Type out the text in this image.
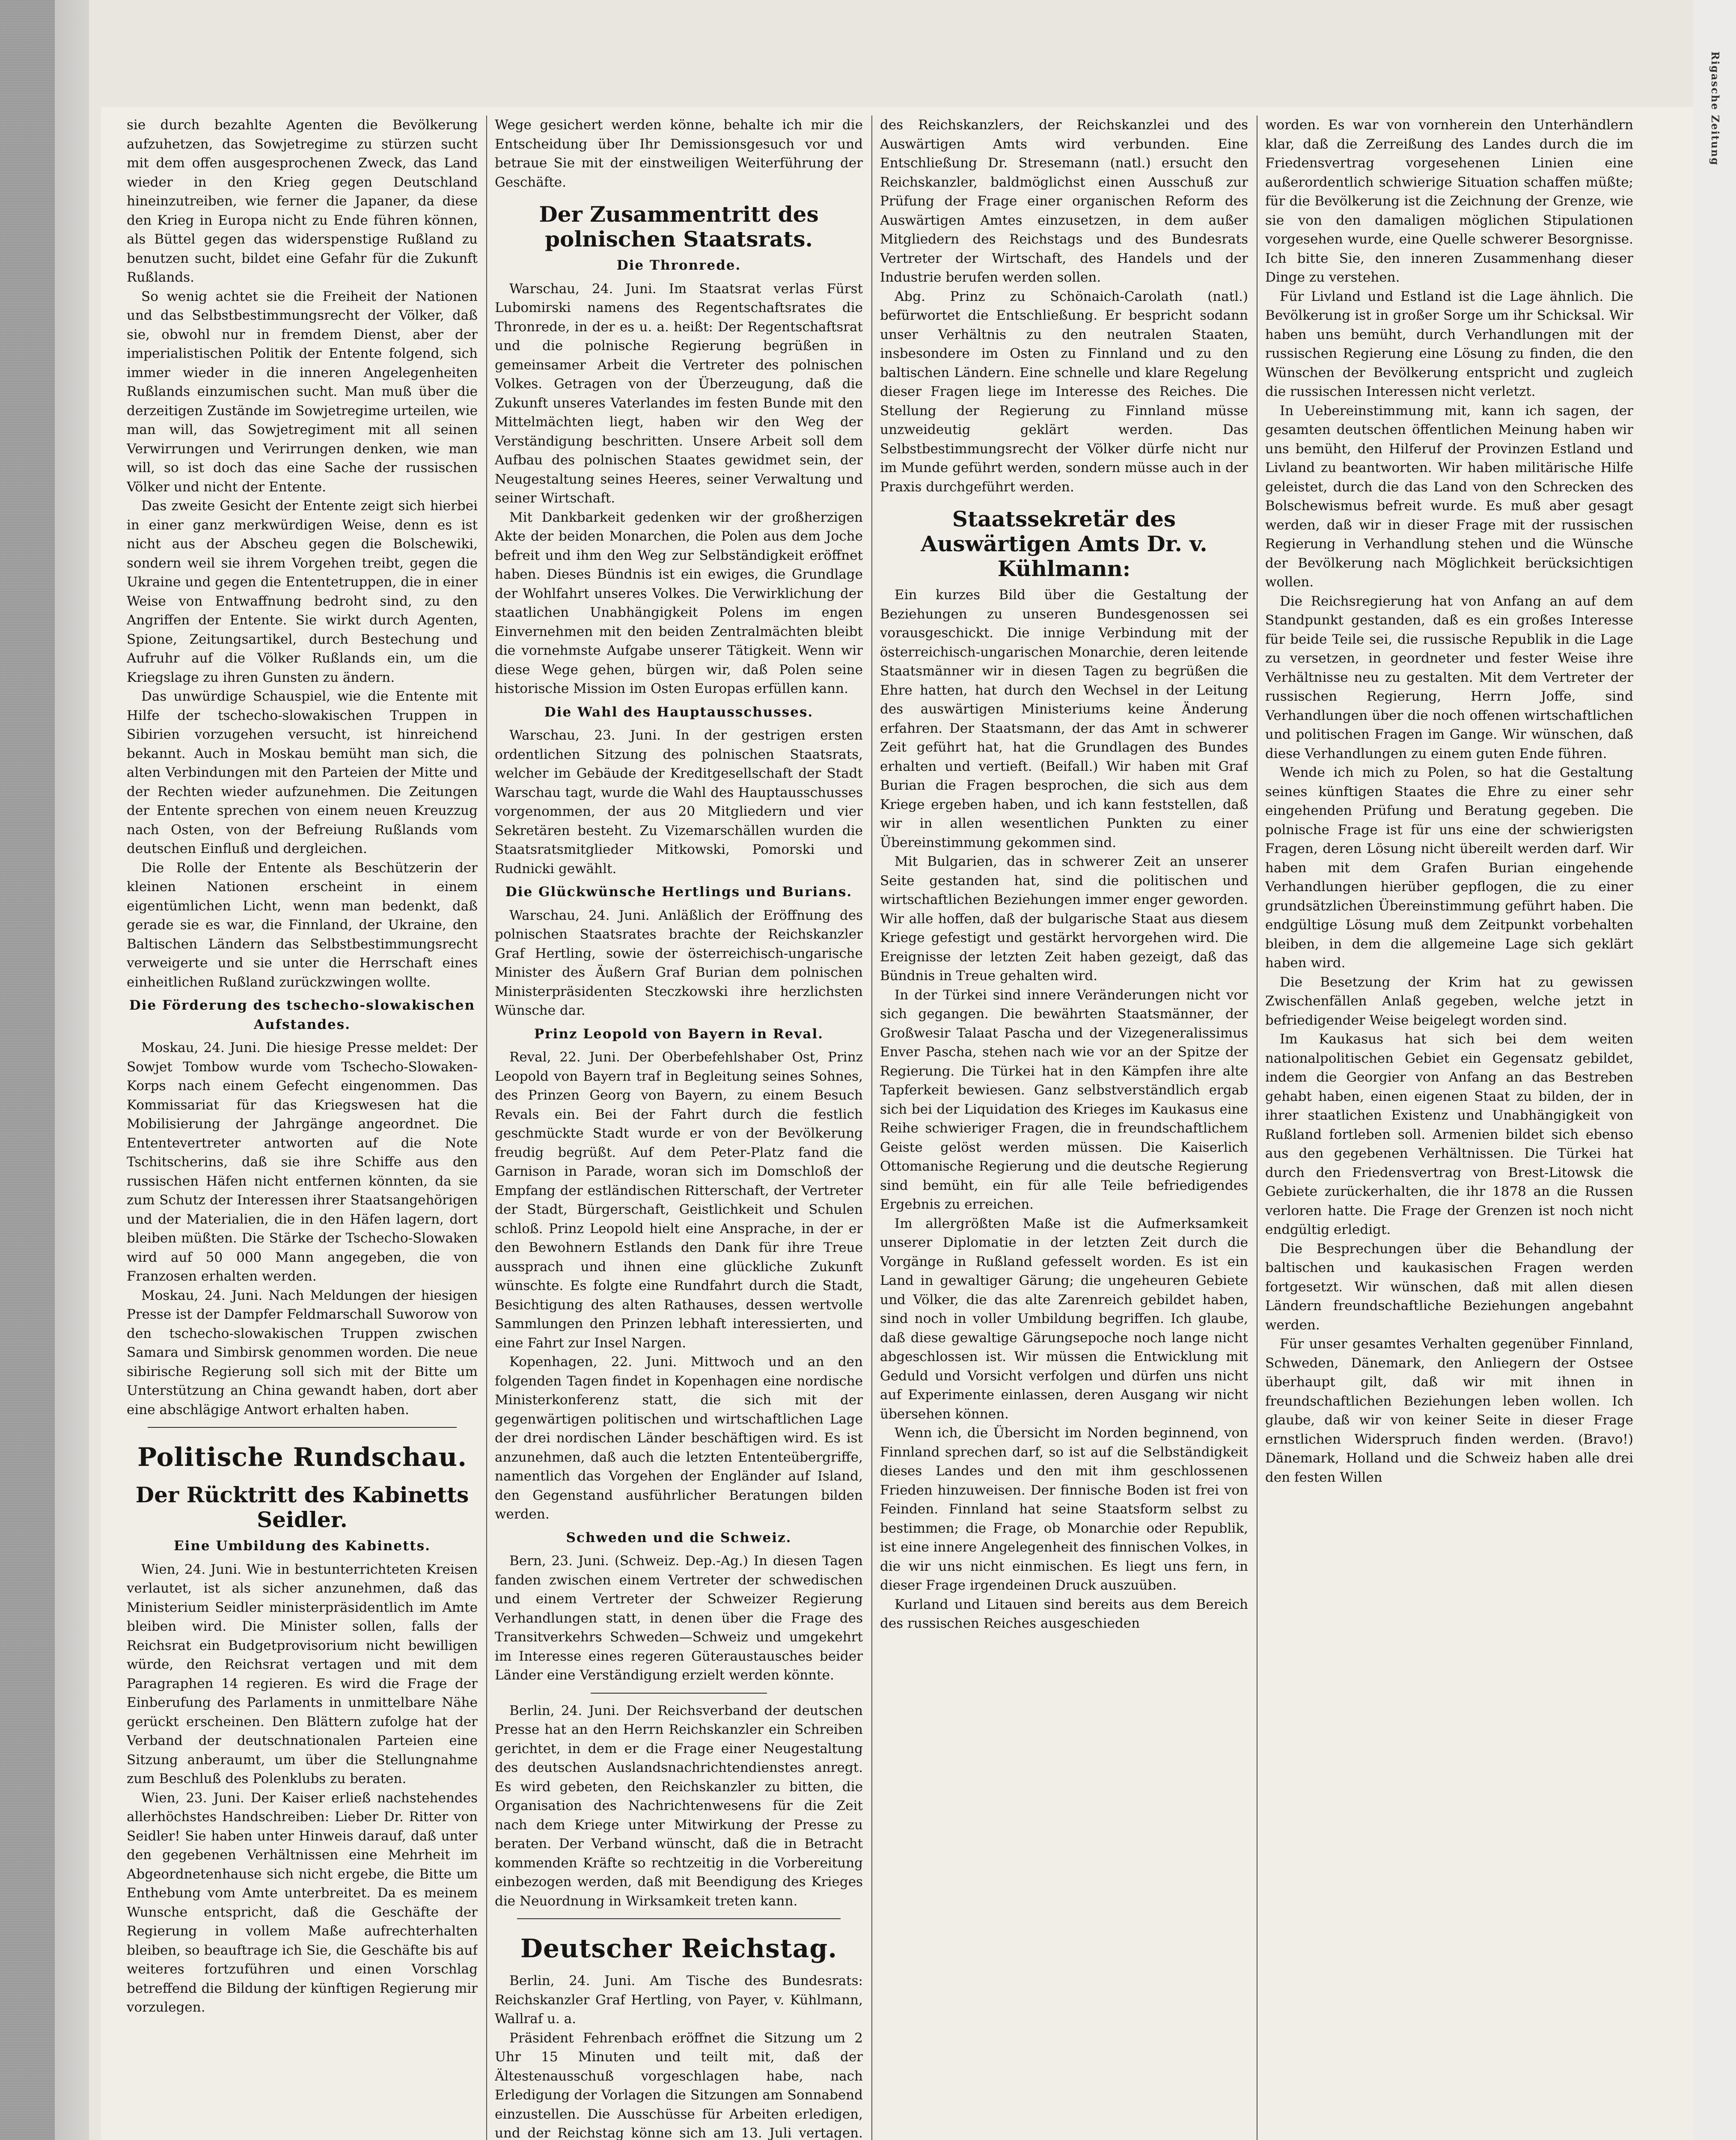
Rigasche Zeitung

sie durch bezahlte Agenten die Bevölkerung aufzuhetzen, das Sowjetregime zu stürzen sucht mit dem offen ausgesprochenen Zweck, das Land wieder in den Krieg gegen Deutschland hineinzutreiben, wie ferner die Japaner, da diese den Krieg in Europa nicht zu Ende führen können, als Büttel gegen das widerspenstige Rußland zu benutzen sucht, bildet eine Gefahr für die Zukunft Rußlands.

So wenig achtet sie die Freiheit der Nationen und das Selbstbestimmungsrecht der Völker, daß sie, obwohl nur in fremdem Dienst, aber der imperialistischen Politik der Entente folgend, sich immer wieder in die inneren Angelegenheiten Rußlands einzumischen sucht. Man muß über die derzeitigen Zustände im Sowjetregime urteilen, wie man will, das Sowjetregiment mit all seinen Verwirrungen und Verirrungen denken, wie man will, so ist doch das eine Sache der russischen Völker und nicht der Entente.

Das zweite Gesicht der Entente zeigt sich hierbei in einer ganz merkwürdigen Weise, denn es ist nicht aus der Abscheu gegen die Bolschewiki, sondern weil sie ihrem Vorgehen treibt, gegen die Ukraine und gegen die Ententetruppen, die in einer Weise von Entwaffnung bedroht sind, zu den Angriffen der Entente. Sie wirkt durch Agenten, Spione, Zeitungsartikel, durch Bestechung und Aufruhr auf die Völker Rußlands ein, um die Kriegslage zu ihren Gunsten zu ändern.

Das unwürdige Schauspiel, wie die Entente mit Hilfe der tschecho-slowakischen Truppen in Sibirien vorzugehen versucht, ist hinreichend bekannt. Auch in Moskau bemüht man sich, die alten Verbindungen mit den Parteien der Mitte und der Rechten wieder aufzunehmen. Die Zeitungen der Entente sprechen von einem neuen Kreuzzug nach Osten, von der Befreiung Rußlands vom deutschen Einfluß und dergleichen.

Die Rolle der Entente als Beschützerin der kleinen Nationen erscheint in einem eigentümlichen Licht, wenn man bedenkt, daß gerade sie es war, die Finnland, der Ukraine, den Baltischen Ländern das Selbstbestimmungsrecht verweigerte und sie unter die Herrschaft eines einheitlichen Rußland zurückzwingen wollte.

Die Förderung des tschecho-slowakischen Aufstandes.

Moskau, 24. Juni. Die hiesige Presse meldet: Der Sowjet Tombow wurde vom Tschecho-Slowaken-Korps nach einem Gefecht eingenommen. Das Kommissariat für das Kriegswesen hat die Mobilisierung der Jahrgänge angeordnet. Die Ententevertreter antworten auf die Note Tschitscherins, daß sie ihre Schiffe aus den russischen Häfen nicht entfernen könnten, da sie zum Schutz der Interessen ihrer Staatsangehörigen und der Materialien, die in den Häfen lagern, dort bleiben müßten. Die Stärke der Tschecho-Slowaken wird auf 50 000 Mann angegeben, die von Franzosen erhalten werden.

Moskau, 24. Juni. Nach Meldungen der hiesigen Presse ist der Dampfer Feldmarschall Suworow von den tschecho-slowakischen Truppen zwischen Samara und Simbirsk genommen worden. Die neue sibirische Regierung soll sich mit der Bitte um Unterstützung an China gewandt haben, dort aber eine abschlägige Antwort erhalten haben.

Politische Rundschau.
Der Rücktritt des Kabinetts Seidler.
Eine Umbildung des Kabinetts.

Wien, 24. Juni. Wie in bestunterrichteten Kreisen verlautet, ist als sicher anzunehmen, daß das Ministerium Seidler ministerpräsidentlich im Amte bleiben wird. Die Minister sollen, falls der Reichsrat ein Budgetprovisorium nicht bewilligen würde, den Reichsrat vertagen und mit dem Paragraphen 14 regieren. Es wird die Frage der Einberufung des Parlaments in unmittelbare Nähe gerückt erscheinen. Den Blättern zufolge hat der Verband der deutschnationalen Parteien eine Sitzung anberaumt, um über die Stellungnahme zum Beschluß des Polenklubs zu beraten.

Wien, 23. Juni. Der Kaiser erließ nachstehendes allerhöchstes Handschreiben: Lieber Dr. Ritter von Seidler! Sie haben unter Hinweis darauf, daß unter den gegebenen Verhältnissen eine Mehrheit im Abgeordnetenhause sich nicht ergebe, die Bitte um Enthebung vom Amte unterbreitet. Da es meinem Wunsche entspricht, daß die Geschäfte der Regierung in vollem Maße aufrechterhalten bleiben, so beauftrage ich Sie, die Geschäfte bis auf weiteres fortzuführen und einen Vorschlag betreffend die Bildung der künftigen Regierung mir vorzulegen.

Wege gesichert werden könne, behalte ich mir die Entscheidung über Ihr Demissionsgesuch vor und betraue Sie mit der einstweiligen Weiterführung der Geschäfte.

Der Zusammentritt des polnischen Staatsrats.
Die Thronrede.

Warschau, 24. Juni. Im Staatsrat verlas Fürst Lubomirski namens des Regentschaftsrates die Thronrede, in der es u. a. heißt: Der Regentschaftsrat und die polnische Regierung begrüßen in gemeinsamer Arbeit die Vertreter des polnischen Volkes. Getragen von der Überzeugung, daß die Zukunft unseres Vaterlandes im festen Bunde mit den Mittelmächten liegt, haben wir den Weg der Verständigung beschritten. Unsere Arbeit soll dem Aufbau des polnischen Staates gewidmet sein, der Neugestaltung seines Heeres, seiner Verwaltung und seiner Wirtschaft.

Mit Dankbarkeit gedenken wir der großherzigen Akte der beiden Monarchen, die Polen aus dem Joche befreit und ihm den Weg zur Selbständigkeit eröffnet haben. Dieses Bündnis ist ein ewiges, die Grundlage der Wohlfahrt unseres Volkes. Die Verwirklichung der staatlichen Unabhängigkeit Polens im engen Einvernehmen mit den beiden Zentralmächten bleibt die vornehmste Aufgabe unserer Tätigkeit. Wenn wir diese Wege gehen, bürgen wir, daß Polen seine historische Mission im Osten Europas erfüllen kann.

Die Wahl des Hauptausschusses.

Warschau, 23. Juni. In der gestrigen ersten ordentlichen Sitzung des polnischen Staatsrats, welcher im Gebäude der Kreditgesellschaft der Stadt Warschau tagt, wurde die Wahl des Hauptausschusses vorgenommen, der aus 20 Mitgliedern und vier Sekretären besteht. Zu Vizemarschällen wurden die Staatsratsmitglieder Mitkowski, Pomorski und Rudnicki gewählt.

Die Glückwünsche Hertlings und Burians.

Warschau, 24. Juni. Anläßlich der Eröffnung des polnischen Staatsrates brachte der Reichskanzler Graf Hertling, sowie der österreichisch-ungarische Minister des Äußern Graf Burian dem polnischen Ministerpräsidenten Steczkowski ihre herzlichsten Wünsche dar.

Prinz Leopold von Bayern in Reval.

Reval, 22. Juni. Der Oberbefehlshaber Ost, Prinz Leopold von Bayern traf in Begleitung seines Sohnes, des Prinzen Georg von Bayern, zu einem Besuch Revals ein. Bei der Fahrt durch die festlich geschmückte Stadt wurde er von der Bevölkerung freudig begrüßt. Auf dem Peter-Platz fand die Garnison in Parade, woran sich im Domschloß der Empfang der estländischen Ritterschaft, der Vertreter der Stadt, Bürgerschaft, Geistlichkeit und Schulen schloß. Prinz Leopold hielt eine Ansprache, in der er den Bewohnern Estlands den Dank für ihre Treue aussprach und ihnen eine glückliche Zukunft wünschte. Es folgte eine Rundfahrt durch die Stadt, Besichtigung des alten Rathauses, dessen wertvolle Sammlungen den Prinzen lebhaft interessierten, und eine Fahrt zur Insel Nargen.

Kopenhagen, 22. Juni. Mittwoch und an den folgenden Tagen findet in Kopenhagen eine nordische Ministerkonferenz statt, die sich mit der gegenwärtigen politischen und wirtschaftlichen Lage der drei nordischen Länder beschäftigen wird. Es ist anzunehmen, daß auch die letzten Ententeübergriffe, namentlich das Vorgehen der Engländer auf Island, den Gegenstand ausführlicher Beratungen bilden werden.

Schweden und die Schweiz.

Bern, 23. Juni. (Schweiz. Dep.-Ag.) In diesen Tagen fanden zwischen einem Vertreter der schwedischen und einem Vertreter der Schweizer Regierung Verhandlungen statt, in denen über die Frage des Transitverkehrs Schweden—Schweiz und umgekehrt im Interesse eines regeren Güteraustausches beider Länder eine Verständigung erzielt werden könnte.

Berlin, 24. Juni. Der Reichsverband der deutschen Presse hat an den Herrn Reichskanzler ein Schreiben gerichtet, in dem er die Frage einer Neugestaltung des deutschen Auslandsnachrichtendienstes anregt. Es wird gebeten, den Reichskanzler zu bitten, die Organisation des Nachrichtenwesens für die Zeit nach dem Kriege unter Mitwirkung der Presse zu beraten. Der Verband wünscht, daß die in Betracht kommenden Kräfte so rechtzeitig in die Vorbereitung einbezogen werden, daß mit Beendigung des Krieges die Neuordnung in Wirksamkeit treten kann.

Deutscher Reichstag.

Berlin, 24. Juni. Am Tische des Bundesrats: Reichskanzler Graf Hertling, von Payer, v. Kühlmann, Wallraf u. a.

Präsident Fehrenbach eröffnet die Sitzung um 2 Uhr 15 Minuten und teilt mit, daß der Ältestenausschuß vorgeschlagen habe, nach Erledigung der Vorlagen die Sitzungen am Sonnabend einzustellen. Die Ausschüsse für Arbeiten erledigen, und der Reichstag könne sich am 13. Juli vertagen.

des Reichskanzlers, der Reichskanzlei und des Auswärtigen Amts wird verbunden. Eine Entschließung Dr. Stresemann (natl.) ersucht den Reichskanzler, baldmöglichst einen Ausschuß zur Prüfung der Frage einer organischen Reform des Auswärtigen Amtes einzusetzen, in dem außer Mitgliedern des Reichstags und des Bundesrats Vertreter der Wirtschaft, des Handels und der Industrie berufen werden sollen.

Abg. Prinz zu Schönaich-Carolath (natl.) befürwortet die Entschließung. Er bespricht sodann unser Verhältnis zu den neutralen Staaten, insbesondere im Osten zu Finnland und zu den baltischen Ländern. Eine schnelle und klare Regelung dieser Fragen liege im Interesse des Reiches. Die Stellung der Regierung zu Finnland müsse unzweideutig geklärt werden. Das Selbstbestimmungsrecht der Völker dürfe nicht nur im Munde geführt werden, sondern müsse auch in der Praxis durchgeführt werden.

Staatssekretär des Auswärtigen Amts Dr. v. Kühlmann:

Ein kurzes Bild über die Gestaltung der Beziehungen zu unseren Bundesgenossen sei vorausgeschickt. Die innige Verbindung mit der österreichisch-ungarischen Monarchie, deren leitende Staatsmänner wir in diesen Tagen zu begrüßen die Ehre hatten, hat durch den Wechsel in der Leitung des auswärtigen Ministeriums keine Änderung erfahren. Der Staatsmann, der das Amt in schwerer Zeit geführt hat, hat die Grundlagen des Bundes erhalten und vertieft. (Beifall.) Wir haben mit Graf Burian die Fragen besprochen, die sich aus dem Kriege ergeben haben, und ich kann feststellen, daß wir in allen wesentlichen Punkten zu einer Übereinstimmung gekommen sind.

Mit Bulgarien, das in schwerer Zeit an unserer Seite gestanden hat, sind die politischen und wirtschaftlichen Beziehungen immer enger geworden. Wir alle hoffen, daß der bulgarische Staat aus diesem Kriege gefestigt und gestärkt hervorgehen wird. Die Ereignisse der letzten Zeit haben gezeigt, daß das Bündnis in Treue gehalten wird.

In der Türkei sind innere Veränderungen nicht vor sich gegangen. Die bewährten Staatsmänner, der Großwesir Talaat Pascha und der Vizegeneralissimus Enver Pascha, stehen nach wie vor an der Spitze der Regierung. Die Türkei hat in den Kämpfen ihre alte Tapferkeit bewiesen. Ganz selbstverständlich ergab sich bei der Liquidation des Krieges im Kaukasus eine Reihe schwieriger Fragen, die in freundschaftlichem Geiste gelöst werden müssen. Die Kaiserlich Ottomanische Regierung und die deutsche Regierung sind bemüht, ein für alle Teile befriedigendes Ergebnis zu erreichen.

Im allergrößten Maße ist die Aufmerksamkeit unserer Diplomatie in der letzten Zeit durch die Vorgänge in Rußland gefesselt worden. Es ist ein Land in gewaltiger Gärung; die ungeheuren Gebiete und Völker, die das alte Zarenreich gebildet haben, sind noch in voller Umbildung begriffen. Ich glaube, daß diese gewaltige Gärungsepoche noch lange nicht abgeschlossen ist. Wir müssen die Entwicklung mit Geduld und Vorsicht verfolgen und dürfen uns nicht auf Experimente einlassen, deren Ausgang wir nicht übersehen können.

Wenn ich, die Übersicht im Norden beginnend, von Finnland sprechen darf, so ist auf die Selbständigkeit dieses Landes und den mit ihm geschlossenen Frieden hinzuweisen. Der finnische Boden ist frei von Feinden. Finnland hat seine Staatsform selbst zu bestimmen; die Frage, ob Monarchie oder Republik, ist eine innere Angelegenheit des finnischen Volkes, in die wir uns nicht einmischen. Es liegt uns fern, in dieser Frage irgendeinen Druck auszuüben.

Kurland und Litauen sind bereits aus dem Bereich des russischen Reiches ausgeschieden

worden. Es war von vornherein den Unterhändlern klar, daß die Zerreißung des Landes durch die im Friedensvertrag vorgesehenen Linien eine außerordentlich schwierige Situation schaffen müßte; für die Bevölkerung ist die Zeichnung der Grenze, wie sie von den damaligen möglichen Stipulationen vorgesehen wurde, eine Quelle schwerer Besorgnisse. Ich bitte Sie, den inneren Zusammenhang dieser Dinge zu verstehen.

Für Livland und Estland ist die Lage ähnlich. Die Bevölkerung ist in großer Sorge um ihr Schicksal. Wir haben uns bemüht, durch Verhandlungen mit der russischen Regierung eine Lösung zu finden, die den Wünschen der Bevölkerung entspricht und zugleich die russischen Interessen nicht verletzt.

In Uebereinstimmung mit, kann ich sagen, der gesamten deutschen öffentlichen Meinung haben wir uns bemüht, den Hilferuf der Provinzen Estland und Livland zu beantworten. Wir haben militärische Hilfe geleistet, durch die das Land von den Schrecken des Bolschewismus befreit wurde. Es muß aber gesagt werden, daß wir in dieser Frage mit der russischen Regierung in Verhandlung stehen und die Wünsche der Bevölkerung nach Möglichkeit berücksichtigen wollen.

Die Reichsregierung hat von Anfang an auf dem Standpunkt gestanden, daß es ein großes Interesse für beide Teile sei, die russische Republik in die Lage zu versetzen, in geordneter und fester Weise ihre Verhältnisse neu zu gestalten. Mit dem Vertreter der russischen Regierung, Herrn Joffe, sind Verhandlungen über die noch offenen wirtschaftlichen und politischen Fragen im Gange. Wir wünschen, daß diese Verhandlungen zu einem guten Ende führen.

Wende ich mich zu Polen, so hat die Gestaltung seines künftigen Staates die Ehre zu einer sehr eingehenden Prüfung und Beratung gegeben. Die polnische Frage ist für uns eine der schwierigsten Fragen, deren Lösung nicht übereilt werden darf. Wir haben mit dem Grafen Burian eingehende Verhandlungen hierüber gepflogen, die zu einer grundsätzlichen Übereinstimmung geführt haben. Die endgültige Lösung muß dem Zeitpunkt vorbehalten bleiben, in dem die allgemeine Lage sich geklärt haben wird.

Die Besetzung der Krim hat zu gewissen Zwischenfällen Anlaß gegeben, welche jetzt in befriedigender Weise beigelegt worden sind.

Im Kaukasus hat sich bei dem weiten nationalpolitischen Gebiet ein Gegensatz gebildet, indem die Georgier von Anfang an das Bestreben gehabt haben, einen eigenen Staat zu bilden, der in ihrer staatlichen Existenz und Unabhängigkeit von Rußland fortleben soll. Armenien bildet sich ebenso aus den gegebenen Verhältnissen. Die Türkei hat durch den Friedensvertrag von Brest-Litowsk die Gebiete zurückerhalten, die ihr 1878 an die Russen verloren hatte. Die Frage der Grenzen ist noch nicht endgültig erledigt.

Die Besprechungen über die Behandlung der baltischen und kaukasischen Fragen werden fortgesetzt. Wir wünschen, daß mit allen diesen Ländern freundschaftliche Beziehungen angebahnt werden.

Für unser gesamtes Verhalten gegenüber Finnland, Schweden, Dänemark, den Anliegern der Ostsee überhaupt gilt, daß wir mit ihnen in freundschaftlichen Beziehungen leben wollen. Ich glaube, daß wir von keiner Seite in dieser Frage ernstlichen Widerspruch finden werden. (Bravo!) Dänemark, Holland und die Schweiz haben alle drei den festen Willen
